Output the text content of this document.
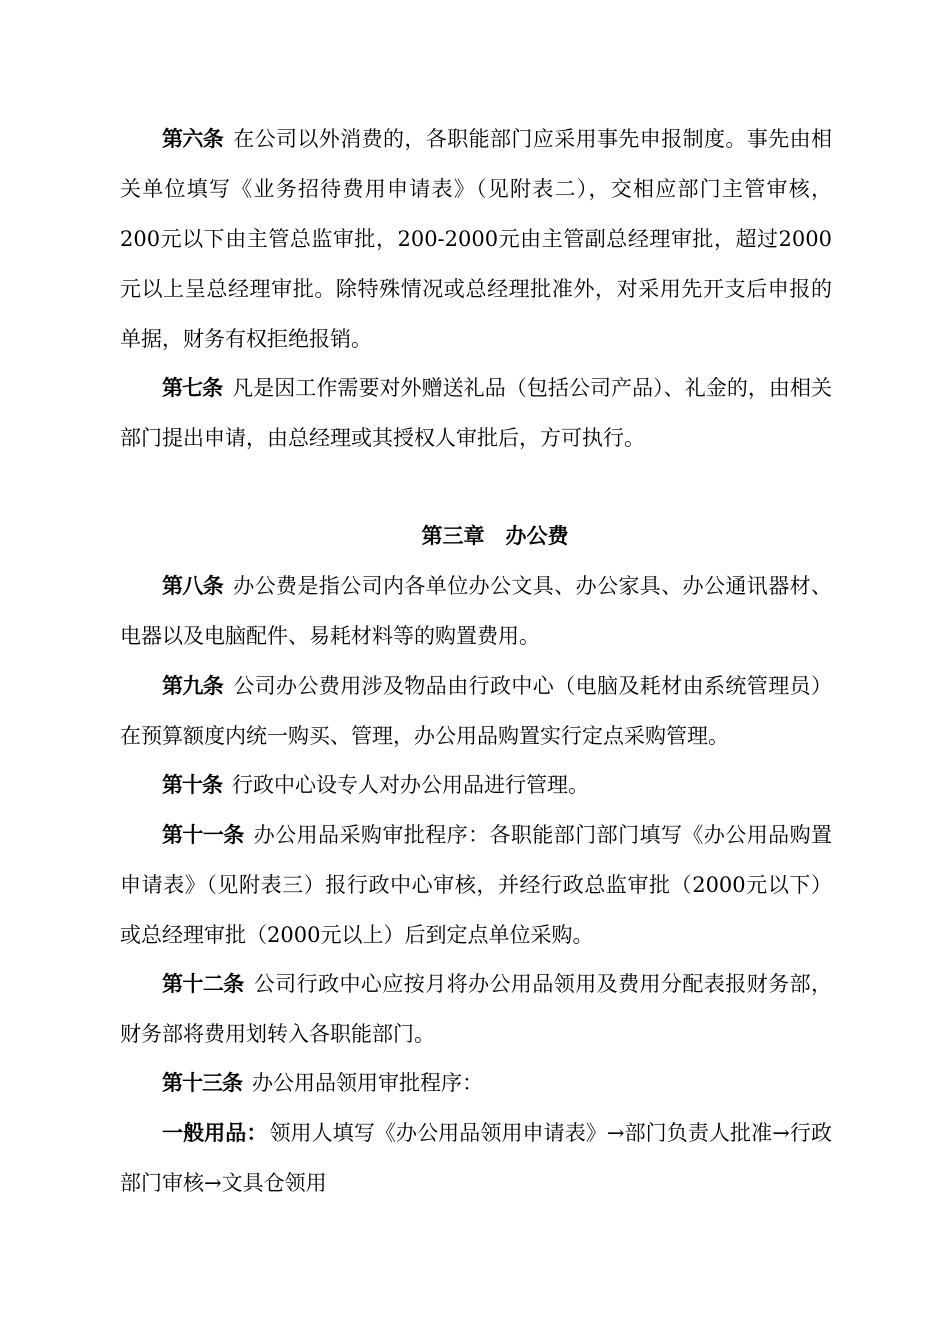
第六条 在公司以外消费的，各职能部门应采用事先申报制度。事先由相关单位填写《业务招待费用申请表》（见附表二），交相应部门主管审核，200元以下由主管总监审批，200-2000元由主管副总经理审批，超过2000元以上呈总经理审批。除特殊情况或总经理批准外，对采用先开支后申报的单据，财务有权拒绝报销。

第七条 凡是因工作需要对外赠送礼品（包括公司产品）、礼金的，由相关部门提出申请，由总经理或其授权人审批后，方可执行。

第三章　办公费

第八条 办公费是指公司内各单位办公文具、办公家具、办公通讯器材、电器以及电脑配件、易耗材料等的购置费用。

第九条 公司办公费用涉及物品由行政中心（电脑及耗材由系统管理员）在预算额度内统一购买、管理，办公用品购置实行定点采购管理。

第十条 行政中心设专人对办公用品进行管理。

第十一条 办公用品采购审批程序：各职能部门部门填写《办公用品购置申请表》（见附表三）报行政中心审核，并经行政总监审批（2000元以下）或总经理审批（2000元以上）后到定点单位采购。

第十二条 公司行政中心应按月将办公用品领用及费用分配表报财务部，财务部将费用划转入各职能部门。

第十三条 办公用品领用审批程序：

一般用品：领用人填写《办公用品领用申请表》→部门负责人批准→行政部门审核→文具仓领用
